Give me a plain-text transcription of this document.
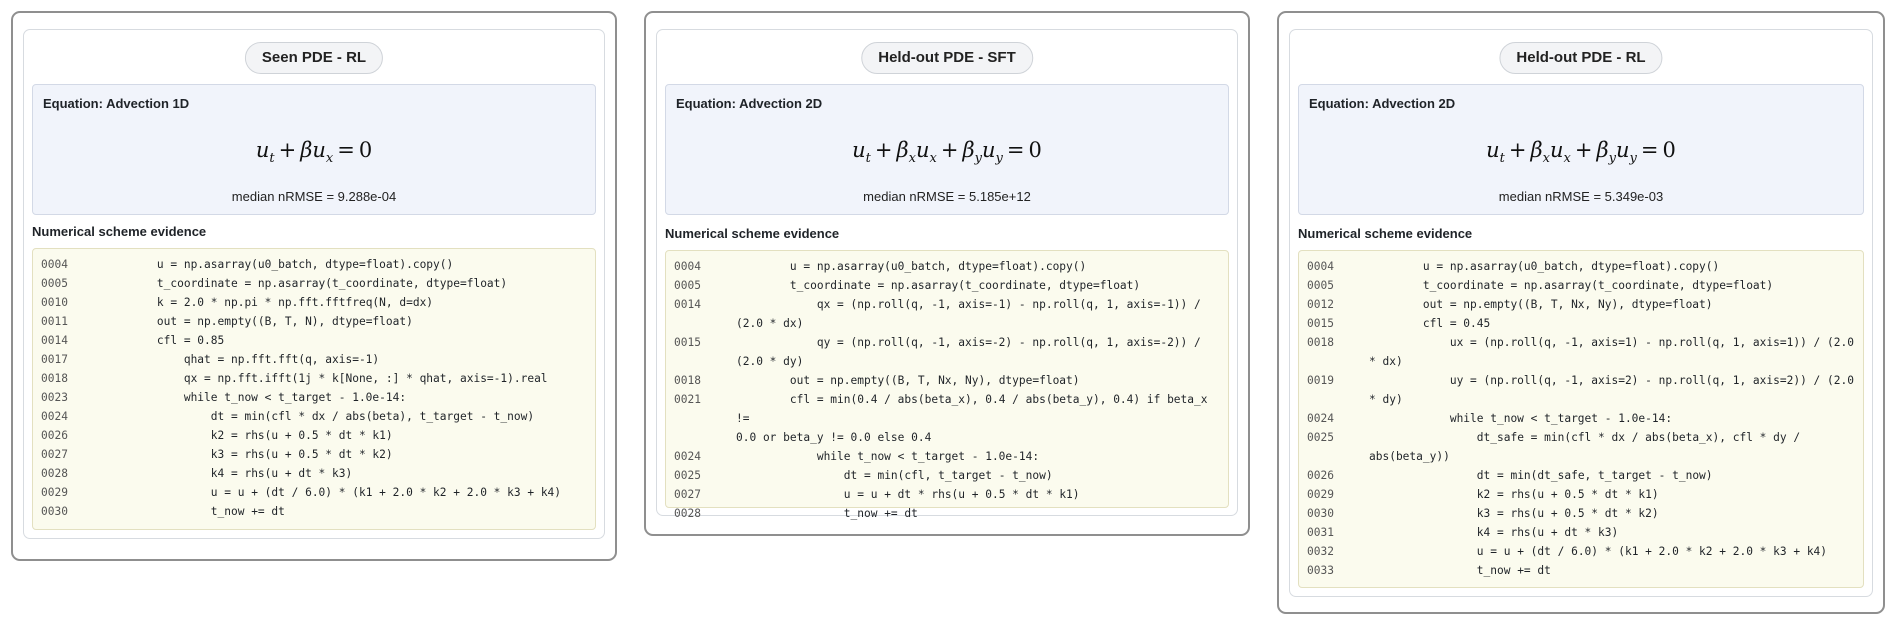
Seen PDE - RL
Equation: Advection 1D
$u_t + \beta u_x = 0$
median nRMSE = 9.288e-04
Numerical scheme evidence
0004	u = np.asarray(u0_batch, dtype=float).copy()
0005	t_coordinate = np.asarray(t_coordinate, dtype=float)
0010	k = 2.0 * np.pi * np.fft.fftfreq(N, d=dx)
0011	out = np.empty((B, T, N), dtype=float)
0014	cfl = 0.85
0017	qhat = np.fft.fft(q, axis=-1)
0018	qx = np.fft.ifft(1j * k[None, :] * qhat, axis=-1).real
0023	while t_now < t_target - 1.0e-14:
0024	dt = min(cfl * dx / abs(beta), t_target - t_now)
0026	k2 = rhs(u + 0.5 * dt * k1)
0027	k3 = rhs(u + 0.5 * dt * k2)
0028	k4 = rhs(u + dt * k3)
0029	u = u + (dt / 6.0) * (k1 + 2.0 * k2 + 2.0 * k3 + k4)
0030	t_now += dt
Held-out PDE - SFT
Equation: Advection 2D
$u_t + \beta_xu_x + \beta_yu_y = 0$
median nRMSE = 5.185e+12
Numerical scheme evidence
0004	u = np.asarray(u0_batch, dtype=float).copy()
0005	t_coordinate = np.asarray(t_coordinate, dtype=float)
0014	qx = (np.roll(q, -1, axis=-1) - np.roll(q, 1, axis=-1)) /
(2.0 * dx)
0015	qy = (np.roll(q, -1, axis=-2) - np.roll(q, 1, axis=-2)) /
(2.0 * dy)
0018	out = np.empty((B, T, Nx, Ny), dtype=float)
0021	cfl = min(0.4 / abs(beta_x), 0.4 / abs(beta_y), 0.4) if beta_x !=
0.0 or beta_y != 0.0 else 0.4
0024	while t_now < t_target - 1.0e-14:
0025	dt = min(cfl, t_target - t_now)
0027	u = u + dt * rhs(u + 0.5 * dt * k1)
0028	t_now += dt
Held-out PDE - RL
Equation: Advection 2D
$u_t + \beta_xu_x + \beta_yu_y = 0$
median nRMSE = 5.349e-03
Numerical scheme evidence
0004	u = np.asarray(u0_batch, dtype=float).copy()
0005	t_coordinate = np.asarray(t_coordinate, dtype=float)
0012	out = np.empty((B, T, Nx, Ny), dtype=float)
0015	cfl = 0.45
0018	ux = (np.roll(q, -1, axis=1) - np.roll(q, 1, axis=1)) / (2.0
* dx)
0019	uy = (np.roll(q, -1, axis=2) - np.roll(q, 1, axis=2)) / (2.0
* dy)
0024	while t_now < t_target - 1.0e-14:
0025	dt_safe = min(cfl * dx / abs(beta_x), cfl * dy /
abs(beta_y))
0026	dt = min(dt_safe, t_target - t_now)
0029	k2 = rhs(u + 0.5 * dt * k1)
0030	k3 = rhs(u + 0.5 * dt * k2)
0031	k4 = rhs(u + dt * k3)
0032	u = u + (dt / 6.0) * (k1 + 2.0 * k2 + 2.0 * k3 + k4)
0033	t_now += dt
